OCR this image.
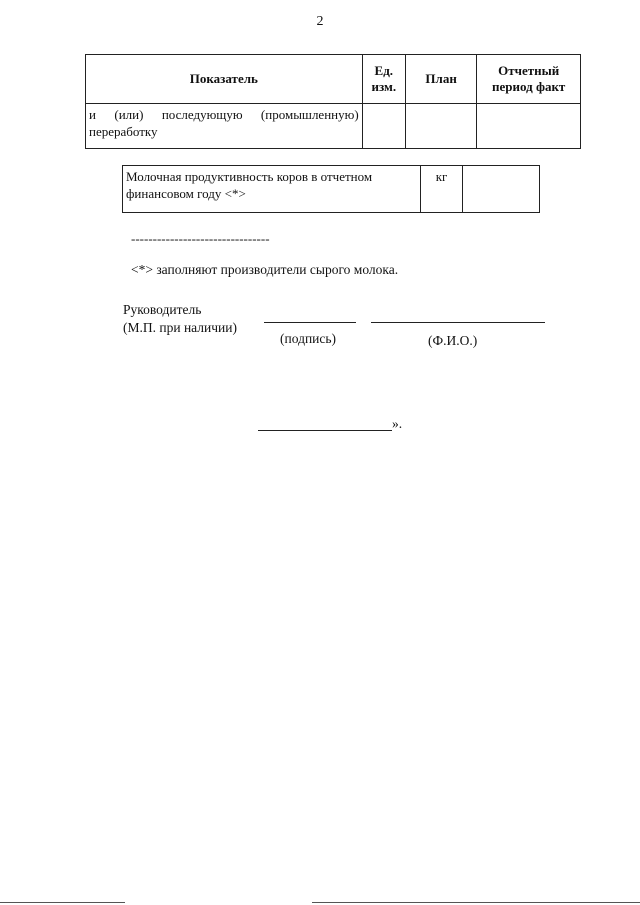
2
Показатель	Ед. изм.	План	Отчетный период факт
и (или) последующую (промышленную) переработку			
Молочная продуктивность коров в отчетном финансовом году <*>	кг	
--------------------------------
<*> заполняют производители сырого молока.
Руководитель
(М.П. при наличии)
(подпись)	(Ф.И.О.)
».
